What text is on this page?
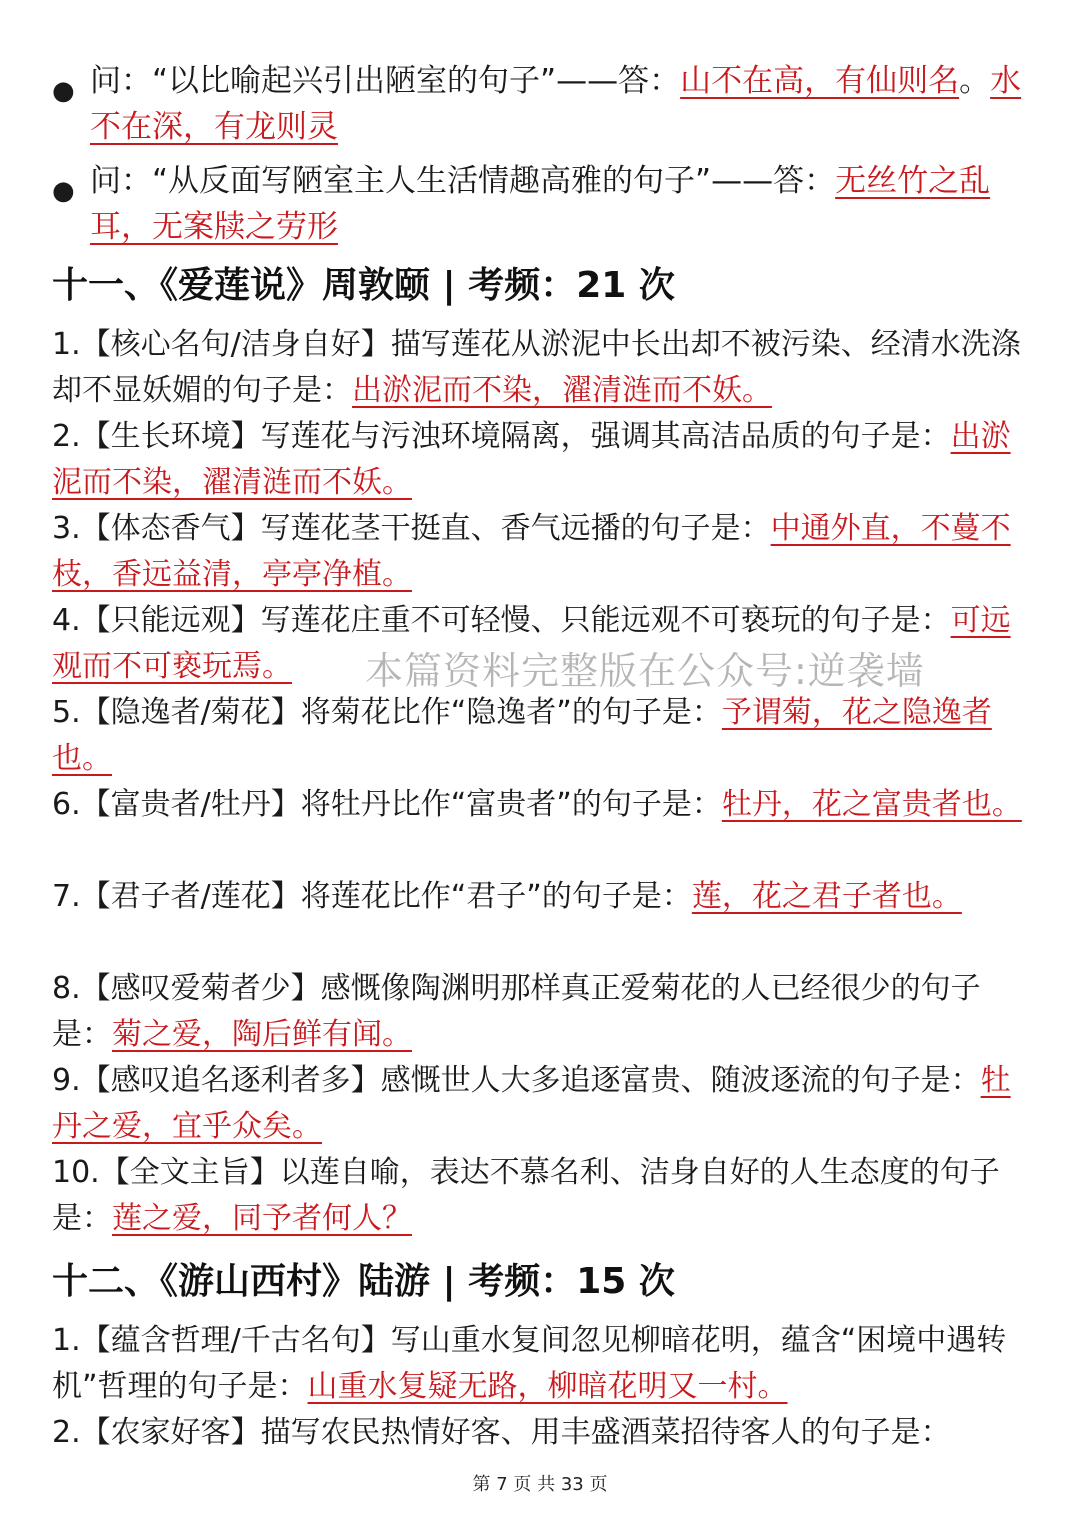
● 问：“以比喻起兴引出陋室的句子”——答：山不在高，有仙则名。水不在深，有龙则灵
● 问：“从反面写陋室主人生活情趣高雅的句子”——答：无丝竹之乱耳，无案牍之劳形
十一、《爱莲说》周敦颐 | 考频：21 次
1.【核心名句/洁身自好】描写莲花从淤泥中长出却不被污染、经清水洗涤却不显妖媚的句子是：出淤泥而不染，濯清涟而不妖。
2.【生长环境】写莲花与污浊环境隔离，强调其高洁品质的句子是：出淤泥而不染，濯清涟而不妖。
3.【体态香气】写莲花茎干挺直、香气远播的句子是：中通外直，不蔓不枝，香远益清，亭亭净植。
4.【只能远观】写莲花庄重不可轻慢、只能远观不可亵玩的句子是：可远观而不可亵玩焉。	本篇资料完整版在公众号:逆袭墙
5.【隐逸者/菊花】将菊花比作“隐逸者”的句子是：予谓菊，花之隐逸者也。
6.【富贵者/牡丹】将牡丹比作“富贵者”的句子是：牡丹，花之富贵者也。
7.【君子者/莲花】将莲花比作“君子”的句子是：莲，花之君子者也。
8.【感叹爱菊者少】感慨像陶渊明那样真正爱菊花的人已经很少的句子是：菊之爱，陶后鲜有闻。
9.【感叹追名逐利者多】感慨世人大多追逐富贵、随波逐流的句子是：牡丹之爱，宜乎众矣。
10.【全文主旨】以莲自喻，表达不慕名利、洁身自好的人生态度的句子是：莲之爱，同予者何人？
十二、《游山西村》陆游 | 考频：15 次
1.【蕴含哲理/千古名句】写山重水复间忽见柳暗花明，蕴含“困境中遇转机”哲理的句子是：山重水复疑无路，柳暗花明又一村。
2.【农家好客】描写农民热情好客、用丰盛酒菜招待客人的句子是：
第 7 页 共 33 页
